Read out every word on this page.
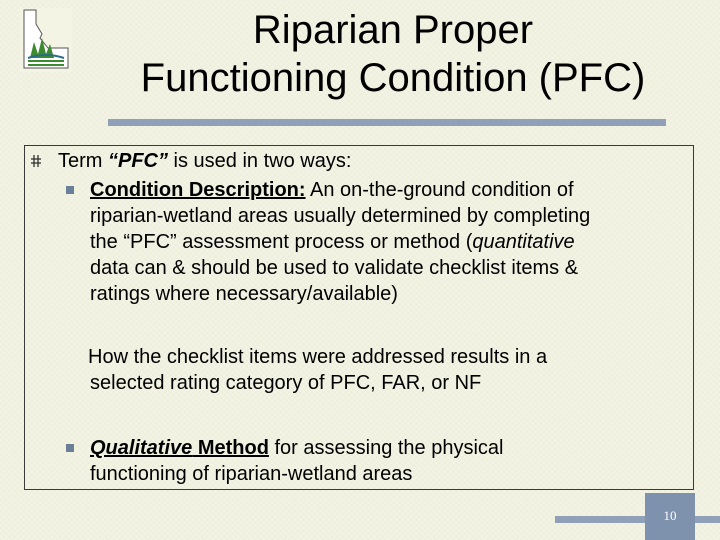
Riparian Proper
Functioning Condition (PFC)
Term “PFC” is used in two ways:
Condition Description: An on-the-ground condition of
riparian-wetland areas usually determined by completing
the “PFC” assessment process or method (quantitative
data can & should be used to validate checklist items &
ratings where necessary/available)
How the checklist items were addressed results in a
selected rating category of PFC, FAR, or NF
Qualitative Method for assessing the physical
functioning of riparian-wetland areas
10
